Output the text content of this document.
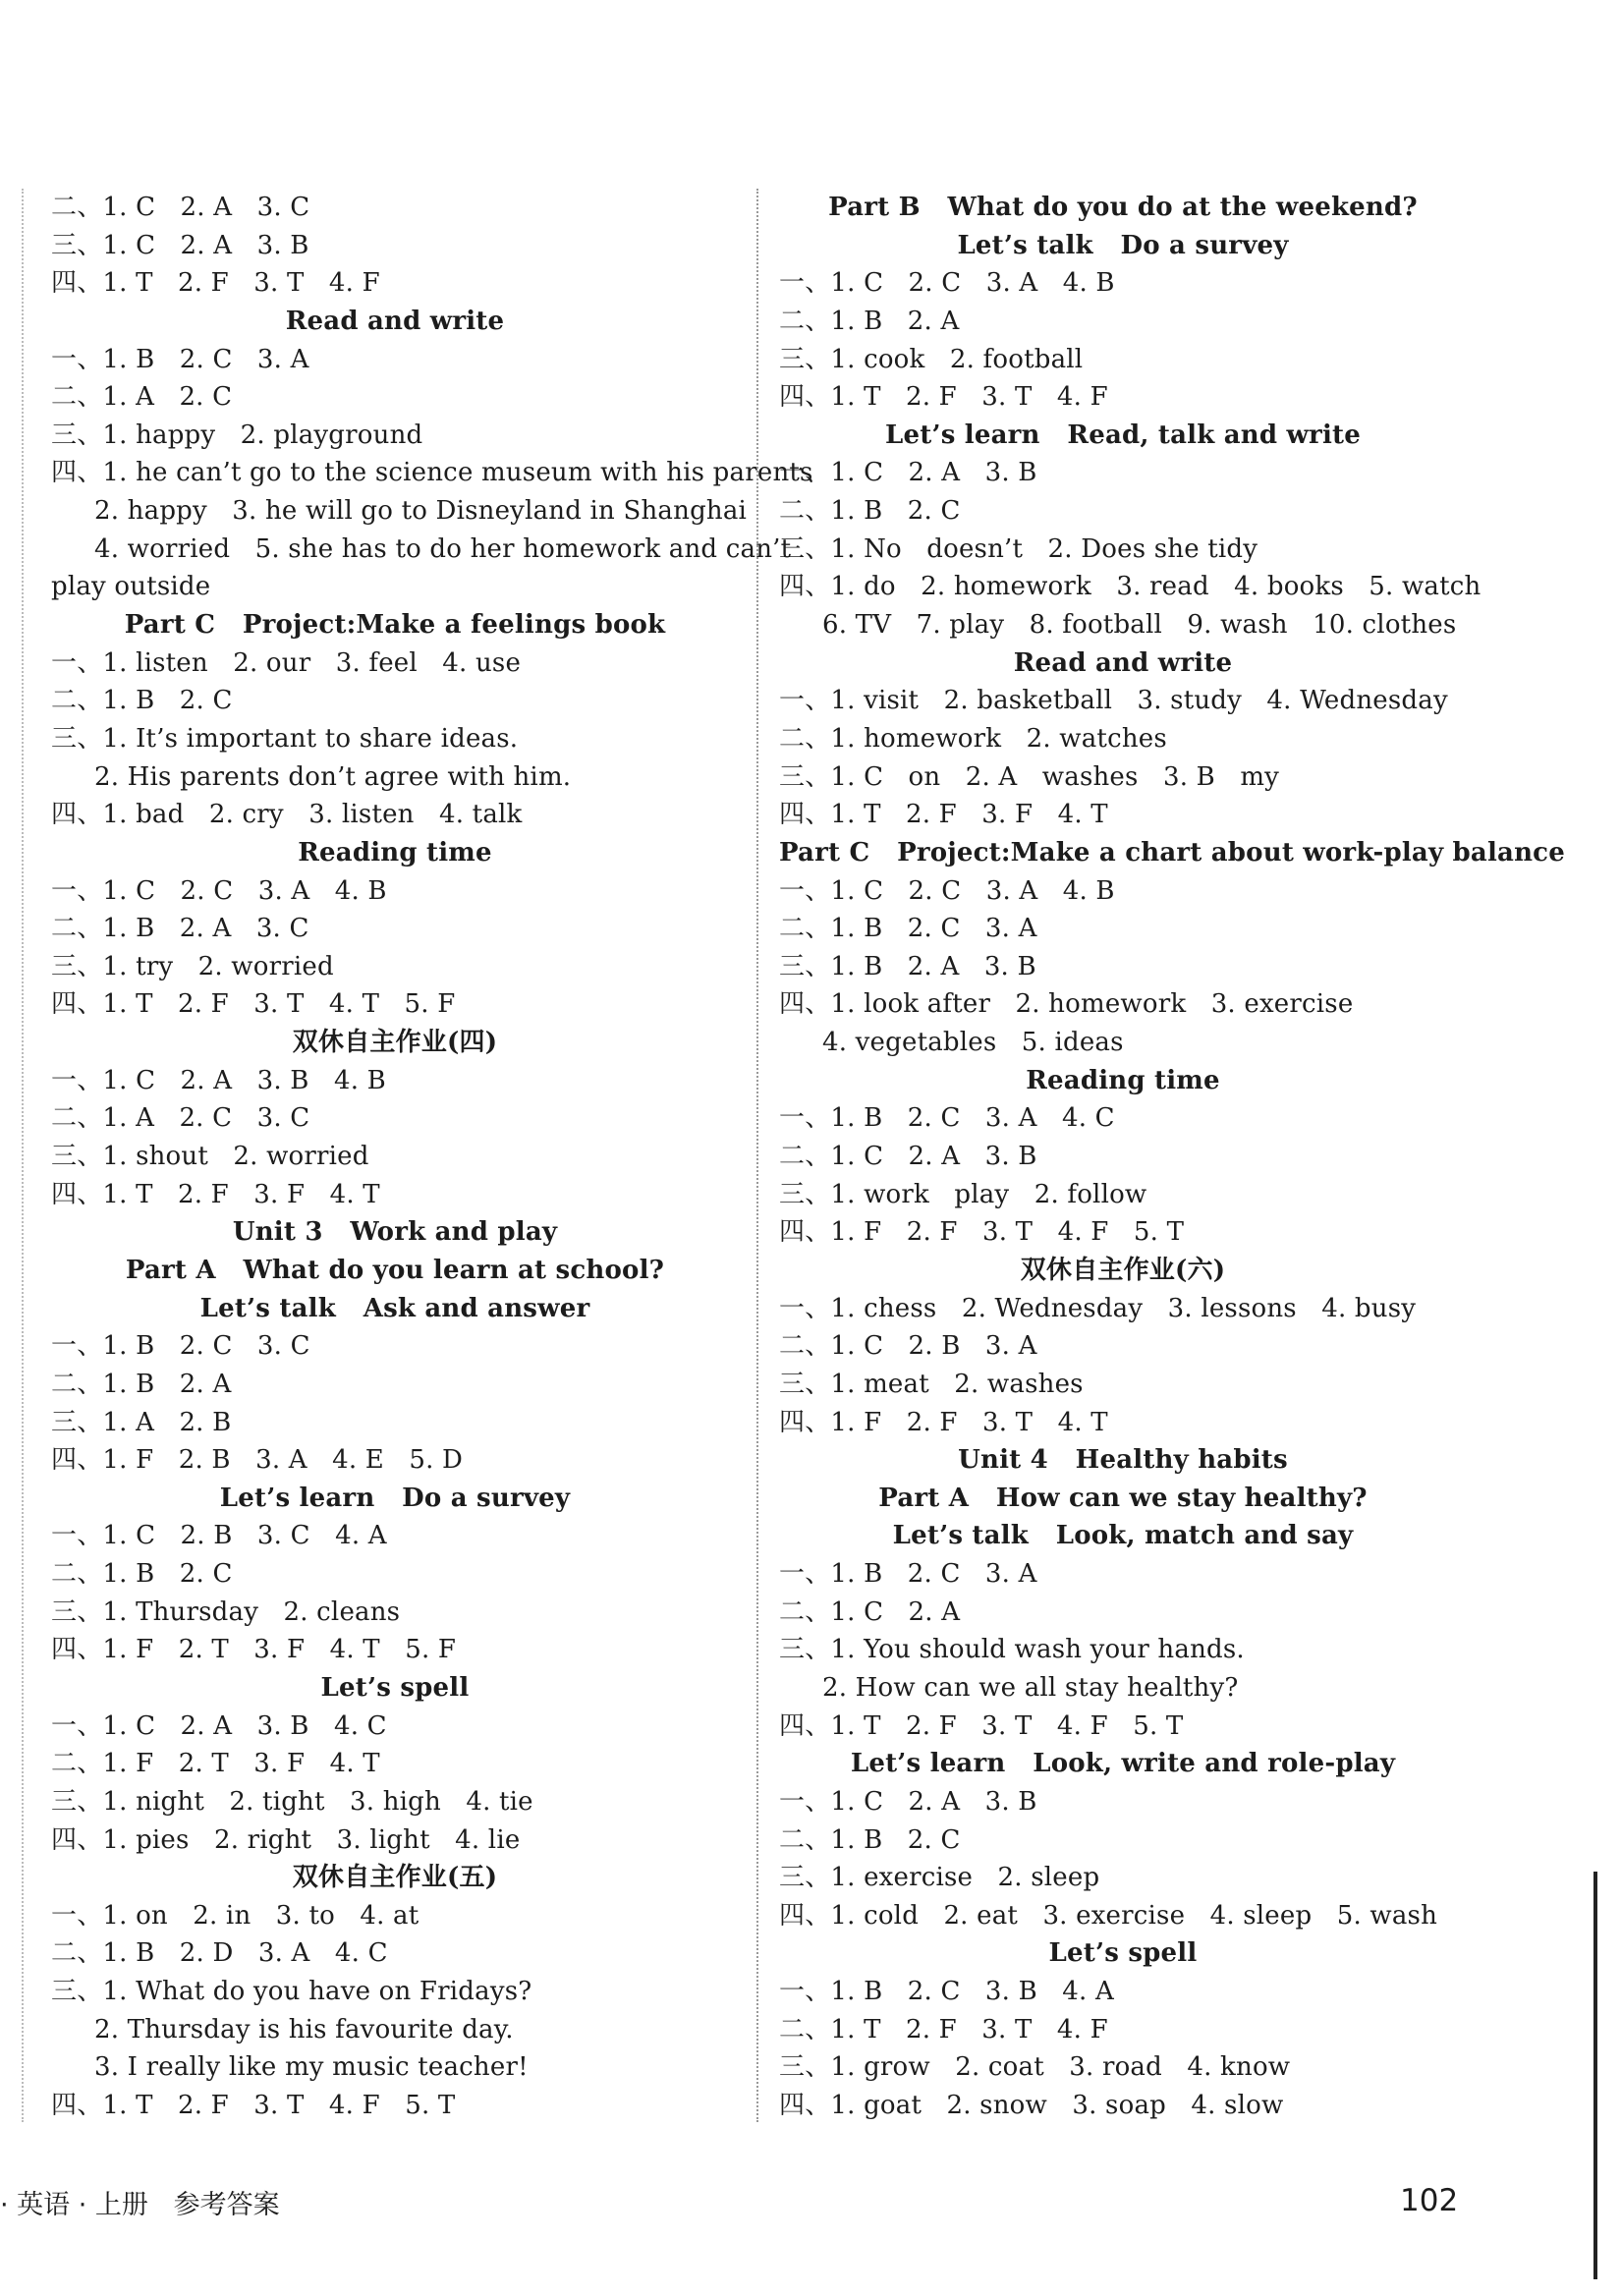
二、1. C   2. A   3. C
三、1. C   2. A   3. B
四、1. T   2. F   3. T   4. F
Read and write
一、1. B   2. C   3. A
二、1. A   2. C
三、1. happy   2. playground
四、1. he can’t go to the science museum with his parents
2. happy   3. he will go to Disneyland in Shanghai
4. worried   5. she has to do her homework and can’t
play outside
Part C   Project:Make a feelings book
一、1. listen   2. our   3. feel   4. use
二、1. B   2. C
三、1. It’s important to share ideas.
2. His parents don’t agree with him.
四、1. bad   2. cry   3. listen   4. talk
Reading time
一、1. C   2. C   3. A   4. B
二、1. B   2. A   3. C
三、1. try   2. worried
四、1. T   2. F   3. T   4. T   5. F
双休自主作业(四)
一、1. C   2. A   3. B   4. B
二、1. A   2. C   3. C
三、1. shout   2. worried
四、1. T   2. F   3. F   4. T
Unit 3   Work and play
Part A   What do you learn at school?
Let’s talk   Ask and answer
一、1. B   2. C   3. C
二、1. B   2. A
三、1. A   2. B
四、1. F   2. B   3. A   4. E   5. D
Let’s learn   Do a survey
一、1. C   2. B   3. C   4. A
二、1. B   2. C
三、1. Thursday   2. cleans
四、1. F   2. T   3. F   4. T   5. F
Let’s spell
一、1. C   2. A   3. B   4. C
二、1. F   2. T   3. F   4. T
三、1. night   2. tight   3. high   4. tie
四、1. pies   2. right   3. light   4. lie
双休自主作业(五)
一、1. on   2. in   3. to   4. at
二、1. B   2. D   3. A   4. C
三、1. What do you have on Fridays?
2. Thursday is his favourite day.
3. I really like my music teacher!
四、1. T   2. F   3. T   4. F   5. T
Part B   What do you do at the weekend?
Let’s talk   Do a survey
一、1. C   2. C   3. A   4. B
二、1. B   2. A
三、1. cook   2. football
四、1. T   2. F   3. T   4. F
Let’s learn   Read, talk and write
一、1. C   2. A   3. B
二、1. B   2. C
三、1. No   doesn’t   2. Does she tidy
四、1. do   2. homework   3. read   4. books   5. watch
6. TV   7. play   8. football   9. wash   10. clothes
Read and write
一、1. visit   2. basketball   3. study   4. Wednesday
二、1. homework   2. watches
三、1. C   on   2. A   washes   3. B   my
四、1. T   2. F   3. F   4. T
Part C   Project:Make a chart about work-play balance
一、1. C   2. C   3. A   4. B
二、1. B   2. C   3. A
三、1. B   2. A   3. B
四、1. look after   2. homework   3. exercise
4. vegetables   5. ideas
Reading time
一、1. B   2. C   3. A   4. C
二、1. C   2. A   3. B
三、1. work   play   2. follow
四、1. F   2. F   3. T   4. F   5. T
双休自主作业(六)
一、1. chess   2. Wednesday   3. lessons   4. busy
二、1. C   2. B   3. A
三、1. meat   2. washes
四、1. F   2. F   3. T   4. T
Unit 4   Healthy habits
Part A   How can we stay healthy?
Let’s talk   Look, match and say
一、1. B   2. C   3. A
二、1. C   2. A
三、1. You should wash your hands.
2. How can we all stay healthy?
四、1. T   2. F   3. T   4. F   5. T
Let’s learn   Look, write and role-play
一、1. C   2. A   3. B
二、1. B   2. C
三、1. exercise   2. sleep
四、1. cold   2. eat   3. exercise   4. sleep   5. wash
Let’s spell
一、1. B   2. C   3. B   4. A
二、1. T   2. F   3. T   4. F
三、1. grow   2. coat   3. road   4. know
四、1. goat   2. snow   3. soap   4. slow
· 英语 · 上册   参考答案	102
